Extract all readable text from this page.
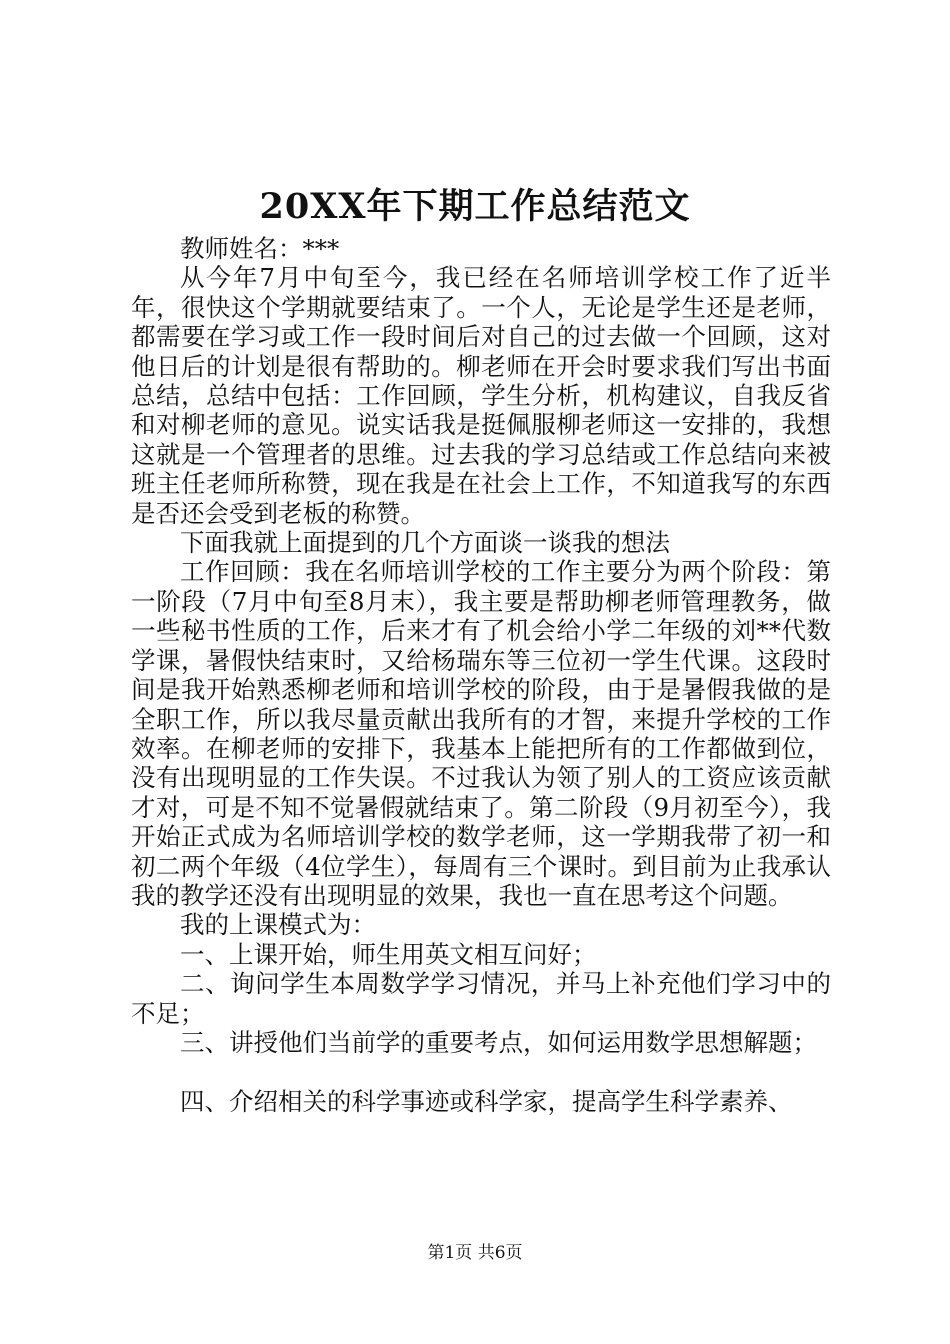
20XX年下期工作总结范文

教师姓名：***

从今年7月中旬至今，我已经在名师培训学校工作了近半年，很快这个学期就要结束了。一个人，无论是学生还是老师，都需要在学习或工作一段时间后对自己的过去做一个回顾，这对他日后的计划是很有帮助的。柳老师在开会时要求我们写出书面总结，总结中包括：工作回顾，学生分析，机构建议，自我反省和对柳老师的意见。说实话我是挺佩服柳老师这一安排的，我想这就是一个管理者的思维。过去我的学习总结或工作总结向来被班主任老师所称赞，现在我是在社会上工作，不知道我写的东西是否还会受到老板的称赞。

下面我就上面提到的几个方面谈一谈我的想法

工作回顾：我在名师培训学校的工作主要分为两个阶段：第一阶段（7月中旬至8月末），我主要是帮助柳老师管理教务，做一些秘书性质的工作，后来才有了机会给小学二年级的刘**代数学课，暑假快结束时，又给杨瑞东等三位初一学生代课。这段时间是我开始熟悉柳老师和培训学校的阶段，由于是暑假我做的是全职工作，所以我尽量贡献出我所有的才智，来提升学校的工作效率。在柳老师的安排下，我基本上能把所有的工作都做到位，没有出现明显的工作失误。不过我认为领了别人的工资应该贡献才对，可是不知不觉暑假就结束了。第二阶段（9月初至今），我开始正式成为名师培训学校的数学老师，这一学期我带了初一和初二两个年级（4位学生），每周有三个课时。到目前为止我承认我的教学还没有出现明显的效果，我也一直在思考这个问题。

我的上课模式为：

一、上课开始，师生用英文相互问好；

二、询问学生本周数学学习情况，并马上补充他们学习中的不足；

三、讲授他们当前学的重要考点，如何运用数学思想解题；

四、介绍相关的科学事迹或科学家，提高学生科学素养、

第1页 共6页
